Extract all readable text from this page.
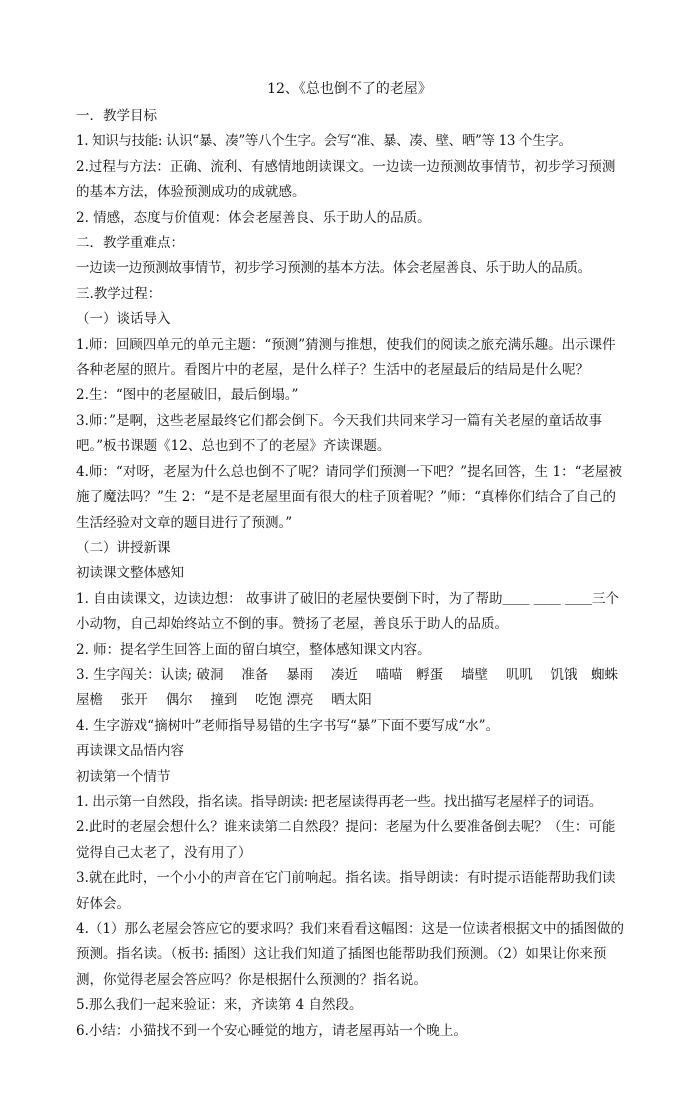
12、《总也倒不了的老屋》

一．教学目标

1. 知识与技能: 认识“暴、凑”等八个生字。会写“准、暴、凑、壁、晒”等 13 个生字。

2.过程与方法：正确、流利、有感情地朗读课文。一边读一边预测故事情节，初步学习预测的基本方法，体验预测成功的成就感。

2. 情感，态度与价值观：体会老屋善良、乐于助人的品质。

二．教学重难点：

一边读一边预测故事情节，初步学习预测的基本方法。体会老屋善良、乐于助人的品质。

三.教学过程：

（一）谈话导入

1.师：回顾四单元的单元主题：“预测”猜测与推想，使我们的阅读之旅充满乐趣。出示课件各种老屋的照片。看图片中的老屋，是什么样子？生活中的老屋最后的结局是什么呢？

2.生：“图中的老屋破旧，最后倒塌。”

3.师：”是啊，这些老屋最终它们都会倒下。今天我们共同来学习一篇有关老屋的童话故事吧。”板书课题《12、总也到不了的老屋》齐读课题。

4.师：“对呀，老屋为什么总也倒不了呢？请同学们预测一下吧？”提名回答，生 1：“老屋被施了魔法吗？”生 2：“是不是老屋里面有很大的柱子顶着呢？”师：“真棒你们结合了自己的生活经验对文章的题目进行了预测。”

（二）讲授新课

初读课文整体感知

1. 自由读课文，边读边想： 故事讲了破旧的老屋快要倒下时，为了帮助＿＿ ＿＿ ＿＿三个小动物，自己却始终站立不倒的事。赞扬了老屋，善良乐于助人的品质。

2. 师：提名学生回答上面的留白填空，整体感知课文内容。

3. 生字闯关：认读; 破洞　 准备　 暴雨　 凑近　 喵喵　孵蛋　 墙壁　 叽叽　 饥饿　蜘蛛　屋檐　 张开　 偶尔　 撞到　 吃饱 漂亮　 晒太阳

4. 生字游戏“摘树叶”老师指导易错的生字书写“暴”下面不要写成“水”。

再读课文品悟内容

初读第一个情节

1. 出示第一自然段，指名读。指导朗读: 把老屋读得再老一些。找出描写老屋样子的词语。

2.此时的老屋会想什么？谁来读第二自然段？提问：老屋为什么要准备倒去呢？（生：可能觉得自己太老了，没有用了）

3.就在此时，一个小小的声音在它门前响起。指名读。指导朗读：有时提示语能帮助我们读好体会。

4.（1）那么老屋会答应它的要求吗？我们来看看这幅图：这是一位读者根据文中的插图做的预测。指名读。（板书: 插图）这让我们知道了插图也能帮助我们预测。（2）如果让你来预测，你觉得老屋会答应吗？你是根据什么预测的？指名说。

5.那么我们一起来验证：来，齐读第 4 自然段。

6.小结：小猫找不到一个安心睡觉的地方，请老屋再站一个晚上。
